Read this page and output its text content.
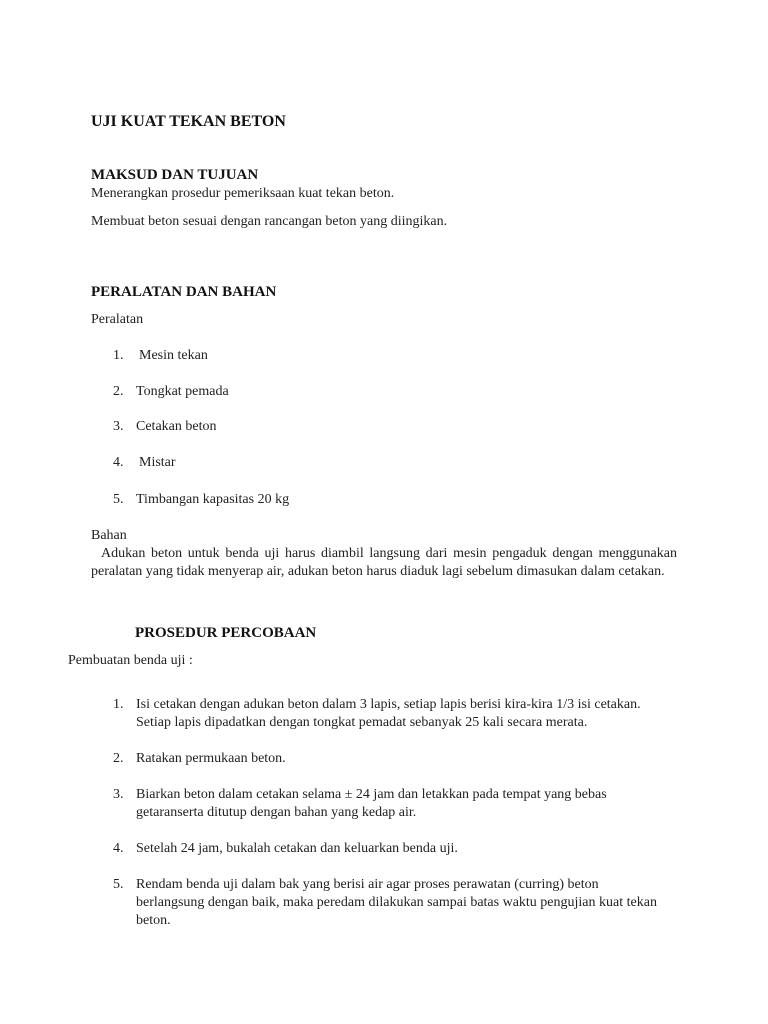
UJI KUAT TEKAN BETON
MAKSUD DAN TUJUAN
Menerangkan prosedur pemeriksaan kuat tekan beton.
Membuat beton sesuai dengan rancangan beton yang diingikan.
PERALATAN DAN BAHAN
Peralatan
1. Mesin tekan
2. Tongkat pemada
3. Cetakan beton
4. Mistar
5. Timbangan kapasitas 20 kg
Bahan
Adukan beton untuk benda uji harus diambil langsung dari mesin pengaduk dengan menggunakan peralatan yang tidak menyerap air, adukan beton harus diaduk lagi sebelum dimasukan dalam cetakan.
PROSEDUR PERCOBAAN
Pembuatan benda uji :
1. Isi cetakan dengan adukan beton dalam 3 lapis, setiap lapis berisi kira-kira 1/3 isi cetakan. Setiap lapis dipadatkan dengan tongkat pemadat sebanyak 25 kali secara merata.
2. Ratakan permukaan beton.
3. Biarkan beton dalam cetakan selama ± 24 jam dan letakkan pada tempat yang bebas getaranserta ditutup dengan bahan yang kedap air.
4. Setelah 24 jam, bukalah cetakan dan keluarkan benda uji.
5. Rendam benda uji dalam bak yang berisi air agar proses perawatan (curring) beton berlangsung dengan baik, maka peredam dilakukan sampai batas waktu pengujian kuat tekan beton.
